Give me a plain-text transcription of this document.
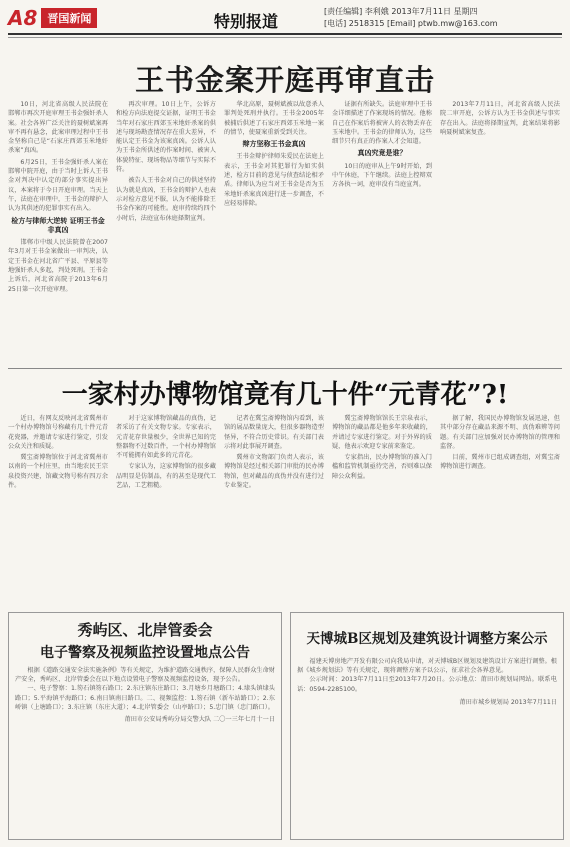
A8 晋国新闻	特别报道
[责任编辑] 李利娥 2013年7月11日 星期四
[电话] 2518315 [Email] ptwb.mw@163.com
王书金案开庭再审直击

10日，河北省高级人民法院在邯郸市再次开庭审理王书金强奸杀人案。社会各界广泛关注的聂树斌案再审不再有悬念，此案审理过程中王书金坚称自己是“石家庄西郊玉米地奸杀案”真凶。

6月25日，王书金强奸杀人案在邯郸中院开庭，由于当时上诉人王书金对判决中认定的部分事实提出异议，本案将于今日开庭审理。当天上午，法庭在审理中，王书金的辩护人认为其供述的犯罪事实有出入。

检方与律师大逆转 证明王书金非真凶

邯郸市中级人民法院曾在2007年3月对王书金案做出一审判决，认定王书金在河北省广平县、平原县等地强奸杀人多起，判处死刑。王书金上诉后，河北省高院于2013年6月25日第一次开庭审理。

再次审理。10日上午，公诉方和检方向法庭提交证据，证明王书金当年对石家庄西郊玉米地奸杀案的供述与现场勘查情况存在重大差异，不能认定王书金为该案真凶。公诉人认为王书金所供述的作案时间、被害人体貌特征、现场物品等细节与实际不符。

被告人王书金对自己的供述坚持认为就是真凶，王书金的辩护人也表示对检方意见不服，认为不能排除王书金作案的可能性。庭审持续约四个小时后，法庭宣布休庭择期宣判。

华北高原，聂树斌被以故意杀人罪判处死刑并执行。王书金2005年被捕后供述了石家庄西郊玉米地一案的情节，使聂案重新受到关注。

辩方坚称王书金真凶

王书金辩护律师朱爱民在法庭上表示，王书金对其犯罪行为如实供述，检方目前的意见与侦查结论相矛盾。律师认为应当对王书金是否为玉米地奸杀案真凶进行进一步调查，不应轻易排除。

证据有所缺失。法庭审理中王书金详细描述了作案现场的情况。他称自己在作案后将被害人的衣物丢弃在玉米地中。王书金的律师认为，这些细节只有真正的作案人才会知道。

真凶究竟是谁？

10日的庭审从上午9时开始，到中午休庭，下午继续。法庭上控辩双方各执一词，庭审没有当庭宣判。

2013年7月11日，河北省高级人民法院二审开庭，公诉方认为王书金供述与事实存在出入。法庭将择期宣判，此案结果将影响聂树斌案复查。

一家村办博物馆竟有几十件“元青花”?!

近日，有网友反映河北省冀州市一个村办博物馆号称藏有几十件元青花瓷器，并邀请专家进行鉴定，引发公众关注和质疑。

冀宝斋博物馆位于河北省冀州市以南的一个村庄里，由当地农民王宗泉投资兴建，馆藏文物号称有四万余件。

对于这家博物馆藏品的真伪，记者采访了有关文物专家。专家表示，元青花存世量极少，全世界已知的完整器物不过数百件，一个村办博物馆不可能拥有如此多的元青花。

专家认为，这家博物馆的很多藏品明显是仿制品，有的甚至是现代工艺品，工艺粗糙。

记者在冀宝斋博物馆内看到，该馆的展品数量庞大，但很多器物造型怪异，不符合历史常识。有关部门表示将对此事展开调查。

冀州市文物部门负责人表示，该博物馆是经过相关部门审批的民办博物馆，但对藏品的真伪并没有进行过专业鉴定。

冀宝斋博物馆馆长王宗泉表示，博物馆的藏品都是他多年来收藏的，并请过专家进行鉴定。对于外界的质疑，他表示欢迎专家前来鉴定。

专家指出，民办博物馆的准入门槛和监管机制亟待完善，否则难以保障公众利益。

据了解，我国民办博物馆发展迅速，但其中部分存在藏品来源不明、真伪难辨等问题。有关部门应加强对民办博物馆的管理和监督。

目前，冀州市已组成调查组，对冀宝斋博物馆进行调查。

秀屿区、北岸管委会
电子警察及视频监控设置地点公告

根据《道路交通安全法实施条例》等有关规定，为维护道路交通秩序，保障人民群众生命财产安全，秀屿区、北岸管委会在以下地点设置电子警察及视频监控设备，现予公告。

一、电子警察：1.笏石镇笏石路口；2.东庄镇东庄路口；3.月塘乡月塘路口；4.埭头镇埭头路口；5.平海镇平海路口；6.南日镇南日路口。二、视频监控：1.笏石镇（新车站路口）；2.东峤镇（上塘路口）；3.东庄镇（东庄大道）；4.北岸管委会（山亭路口）；5.忠门镇（忠门路口）。

莆田市公安局秀屿分局交警大队 二〇一三年七月十一日
天博城B区规划及建筑设计调整方案公示

福建天博房地产开发有限公司向我局申请，对天博城B区规划及建筑设计方案进行调整。根据《城乡规划法》等有关规定，现将调整方案予以公示，征求社会各界意见。

公示时间：2013年7月11日至2013年7月20日。公示地点：莆田市规划局网站。联系电话：0594-2285100。

莆田市城乡规划局 2013年7月11日
